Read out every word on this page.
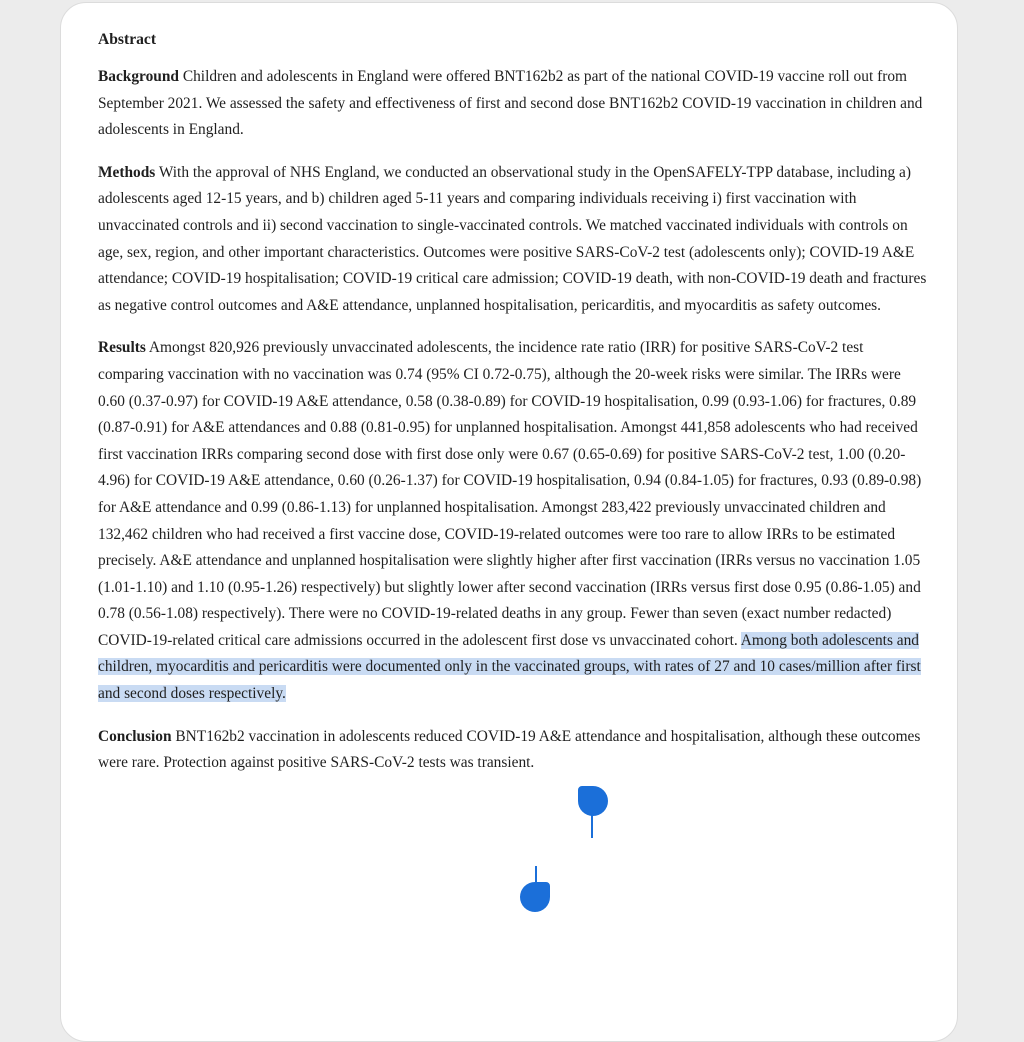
Abstract

Background Children and adolescents in England were offered BNT162b2 as part of the national COVID-19 vaccine roll out from September 2021. We assessed the safety and effectiveness of first and second dose BNT162b2 COVID-19 vaccination in children and adolescents in England.

Methods With the approval of NHS England, we conducted an observational study in the OpenSAFELY-TPP database, including a) adolescents aged 12-15 years, and b) children aged 5-11 years and comparing individuals receiving i) first vaccination with unvaccinated controls and ii) second vaccination to single-vaccinated controls. We matched vaccinated individuals with controls on age, sex, region, and other important characteristics. Outcomes were positive SARS-CoV-2 test (adolescents only); COVID-19 A&E attendance; COVID-19 hospitalisation; COVID-19 critical care admission; COVID-19 death, with non-COVID-19 death and fractures as negative control outcomes and A&E attendance, unplanned hospitalisation, pericarditis, and myocarditis as safety outcomes.

Results Amongst 820,926 previously unvaccinated adolescents, the incidence rate ratio (IRR) for positive SARS-CoV-2 test comparing vaccination with no vaccination was 0.74 (95% CI 0.72-0.75), although the 20-week risks were similar. The IRRs were 0.60 (0.37-0.97) for COVID-19 A&E attendance, 0.58 (0.38-0.89) for COVID-19 hospitalisation, 0.99 (0.93-1.06) for fractures, 0.89 (0.87-0.91) for A&E attendances and 0.88 (0.81-0.95) for unplanned hospitalisation. Amongst 441,858 adolescents who had received first vaccination IRRs comparing second dose with first dose only were 0.67 (0.65-0.69) for positive SARS-CoV-2 test, 1.00 (0.20-4.96) for COVID-19 A&E attendance, 0.60 (0.26-1.37) for COVID-19 hospitalisation, 0.94 (0.84-1.05) for fractures, 0.93 (0.89-0.98) for A&E attendance and 0.99 (0.86-1.13) for unplanned hospitalisation. Amongst 283,422 previously unvaccinated children and 132,462 children who had received a first vaccine dose, COVID-19-related outcomes were too rare to allow IRRs to be estimated precisely. A&E attendance and unplanned hospitalisation were slightly higher after first vaccination (IRRs versus no vaccination 1.05 (1.01-1.10) and 1.10 (0.95-1.26) respectively) but slightly lower after second vaccination (IRRs versus first dose 0.95 (0.86-1.05) and 0.78 (0.56-1.08) respectively). There were no COVID-19-related deaths in any group. Fewer than seven (exact number redacted) COVID-19-related critical care admissions occurred in the adolescent first dose vs unvaccinated cohort. Among both adolescents and children, myocarditis and pericarditis were documented only in the vaccinated groups, with rates of 27 and 10 cases/million after first and second doses respectively.

Conclusion BNT162b2 vaccination in adolescents reduced COVID-19 A&E attendance and hospitalisation, although these outcomes were rare. Protection against positive SARS-CoV-2 tests was transient.
